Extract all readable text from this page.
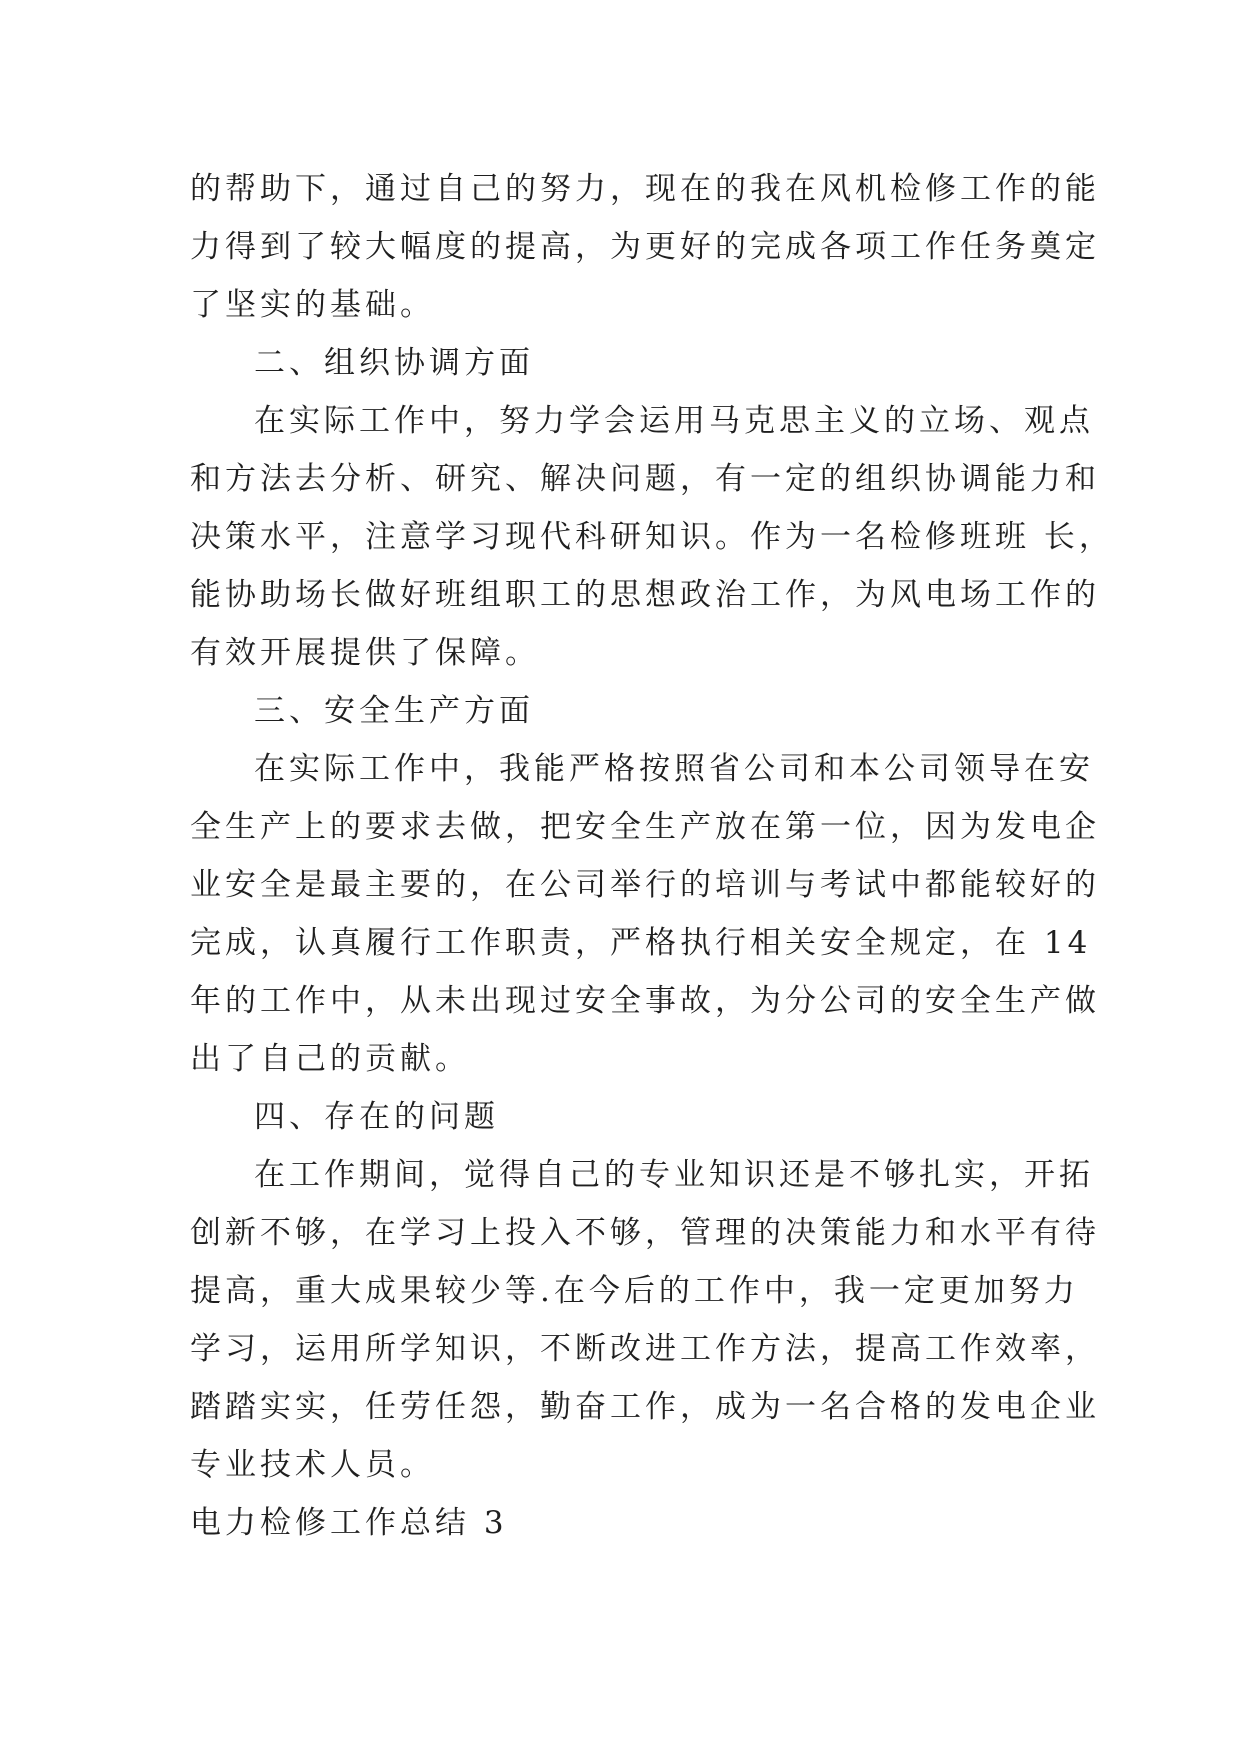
的帮助下，通过自己的努力，现在的我在风机检修工作的能
力得到了较大幅度的提高，为更好的完成各项工作任务奠定
了坚实的基础。
二、组织协调方面
在实际工作中，努力学会运用马克思主义的立场、观点
和方法去分析、研究、解决问题，有一定的组织协调能力和
决策水平，注意学习现代科研知识。作为一名检修班班 长，
能协助场长做好班组职工的思想政治工作，为风电场工作的
有效开展提供了保障。
三、安全生产方面
在实际工作中，我能严格按照省公司和本公司领导在安
全生产上的要求去做，把安全生产放在第一位，因为发电企
业安全是最主要的，在公司举行的培训与考试中都能较好的
完成，认真履行工作职责，严格执行相关安全规定，在 14
年的工作中，从未出现过安全事故，为分公司的安全生产做
出了自己的贡献。
四、存在的问题
在工作期间，觉得自己的专业知识还是不够扎实，开拓
创新不够，在学习上投入不够，管理的决策能力和水平有待
提高，重大成果较少等.在今后的工作中，我一定更加努力
学习，运用所学知识，不断改进工作方法，提高工作效率，
踏踏实实，任劳任怨，勤奋工作，成为一名合格的发电企业
专业技术人员。
电力检修工作总结 3
